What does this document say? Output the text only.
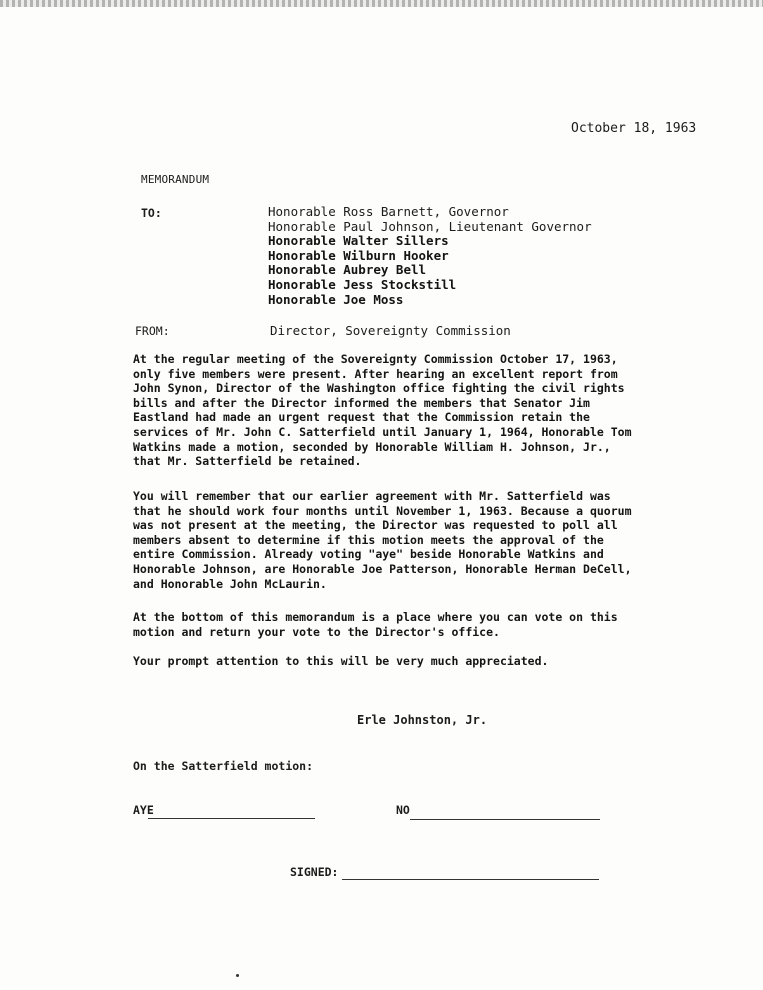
October 18, 1963
MEMORANDUM
TO:	Honorable Ross Barnett, Governor
Honorable Paul Johnson, Lieutenant Governor
Honorable Walter Sillers
Honorable Wilburn Hooker
Honorable Aubrey Bell
Honorable Jess Stockstill
Honorable Joe Moss
FROM:	Director, Sovereignty Commission
At the regular meeting of the Sovereignty Commission October 17, 1963, only five members were present. After hearing an excellent report from John Synon, Director of the Washington office fighting the civil rights bills and after the Director informed the members that Senator Jim Eastland had made an urgent request that the Commission retain the services of Mr. John C. Satterfield until January 1, 1964, Honorable Tom Watkins made a motion, seconded by Honorable William H. Johnson, Jr., that Mr. Satterfield be retained.
You will remember that our earlier agreement with Mr. Satterfield was that he should work four months until November 1, 1963. Because a quorum was not present at the meeting, the Director was requested to poll all members absent to determine if this motion meets the approval of the entire Commission. Already voting "aye" beside Honorable Watkins and Honorable Johnson, are Honorable Joe Patterson, Honorable Herman DeCell, and Honorable John McLaurin.
At the bottom of this memorandum is a place where you can vote on this motion and return your vote to the Director's office.
Your prompt attention to this will be very much appreciated.
Erle Johnston, Jr.
On the Satterfield motion:
AYE	NO
SIGNED:
